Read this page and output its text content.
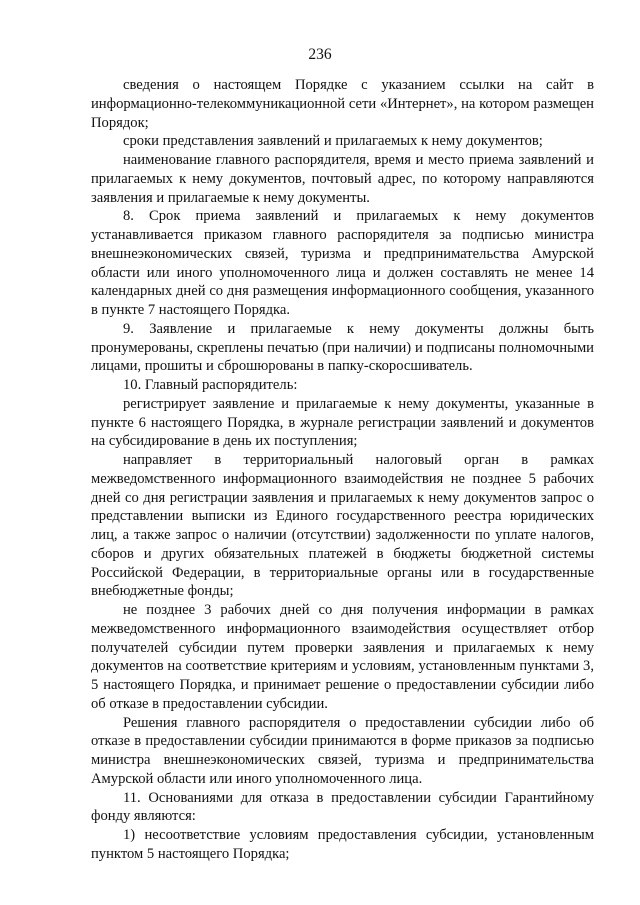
236

сведения о настоящем Порядке с указанием ссылки на сайт в информационно-телекоммуникационной сети «Интернет», на котором размещен Порядок;

сроки представления заявлений и прилагаемых к нему документов;

наименование главного распорядителя, время и место приема заявлений и прилагаемых к нему документов, почтовый адрес, по которому направляются заявления и прилагаемые к нему документы.

8. Срок приема заявлений и прилагаемых к нему документов устанавливается приказом главного распорядителя за подписью министра внешнеэкономических связей, туризма и предпринимательства Амурской области или иного уполномоченного лица и должен составлять не менее 14 календарных дней со дня размещения информационного сообщения, указанного в пункте 7 настоящего Порядка.

9. Заявление и прилагаемые к нему документы должны быть пронумерованы, скреплены печатью (при наличии) и подписаны полномочными лицами, прошиты и сброшюрованы в папку-скоросшиватель.

10. Главный распорядитель:

регистрирует заявление и прилагаемые к нему документы, указанные в пункте 6 настоящего Порядка, в журнале регистрации заявлений и документов на субсидирование в день их поступления;

направляет в территориальный налоговый орган в рамках межведомственного информационного взаимодействия не позднее 5 рабочих дней со дня регистрации заявления и прилагаемых к нему документов запрос о представлении выписки из Единого государственного реестра юридических лиц, а также запрос о наличии (отсутствии) задолженности по уплате налогов, сборов и других обязательных платежей в бюджеты бюджетной системы Российской Федерации, в территориальные органы или в государственные внебюджетные фонды;

не позднее 3 рабочих дней со дня получения информации в рамках межведомственного информационного взаимодействия осуществляет отбор получателей субсидии путем проверки заявления и прилагаемых к нему документов на соответствие критериям и условиям, установленным пунктами 3, 5 настоящего Порядка, и принимает решение о предоставлении субсидии либо об отказе в предоставлении субсидии.

Решения главного распорядителя о предоставлении субсидии либо об отказе в предоставлении субсидии принимаются в форме приказов за подписью министра внешнеэкономических связей, туризма и предпринимательства Амурской области или иного уполномоченного лица.

11. Основаниями для отказа в предоставлении субсидии Гарантийному фонду являются:

1) несоответствие условиям предоставления субсидии, установленным пунктом 5 настоящего Порядка;
